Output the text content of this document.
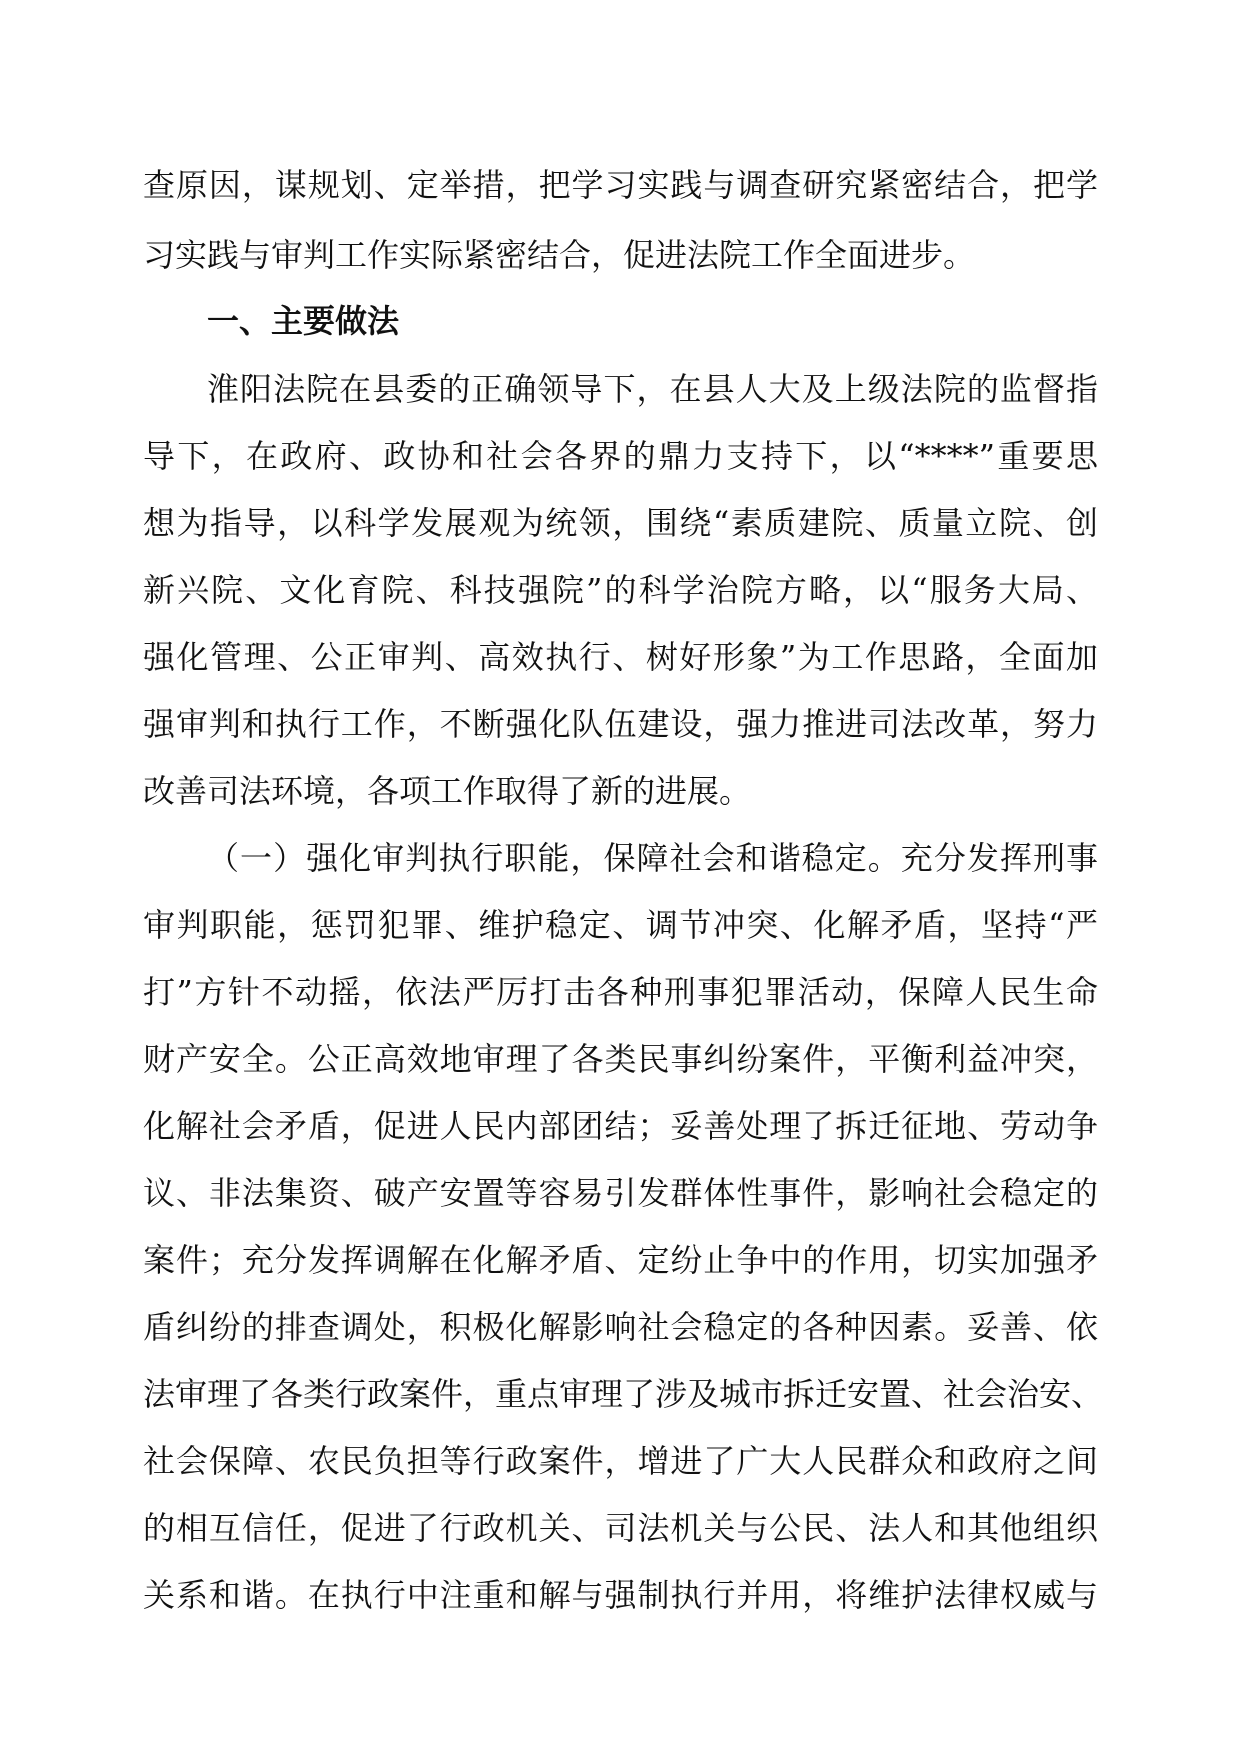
查原因，谋规划、定举措，把学习实践与调查研究紧密结合，把学
习实践与审判工作实际紧密结合，促进法院工作全面进步。
一、主要做法
淮阳法院在县委的正确领导下，在县人大及上级法院的监督指
导下，在政府、政协和社会各界的鼎力支持下，以“****”重要思
想为指导，以科学发展观为统领，围绕“素质建院、质量立院、创
新兴院、文化育院、科技强院”的科学治院方略，以“服务大局、
强化管理、公正审判、高效执行、树好形象”为工作思路，全面加
强审判和执行工作，不断强化队伍建设，强力推进司法改革，努力
改善司法环境，各项工作取得了新的进展。
（一）强化审判执行职能，保障社会和谐稳定。充分发挥刑事
审判职能，惩罚犯罪、维护稳定、调节冲突、化解矛盾，坚持“严
打”方针不动摇，依法严厉打击各种刑事犯罪活动，保障人民生命
财产安全。公正高效地审理了各类民事纠纷案件，平衡利益冲突，
化解社会矛盾，促进人民内部团结；妥善处理了拆迁征地、劳动争
议、非法集资、破产安置等容易引发群体性事件，影响社会稳定的
案件；充分发挥调解在化解矛盾、定纷止争中的作用，切实加强矛
盾纠纷的排查调处，积极化解影响社会稳定的各种因素。妥善、依
法审理了各类行政案件，重点审理了涉及城市拆迁安置、社会治安、
社会保障、农民负担等行政案件，增进了广大人民群众和政府之间
的相互信任，促进了行政机关、司法机关与公民、法人和其他组织
关系和谐。在执行中注重和解与强制执行并用，将维护法律权威与
